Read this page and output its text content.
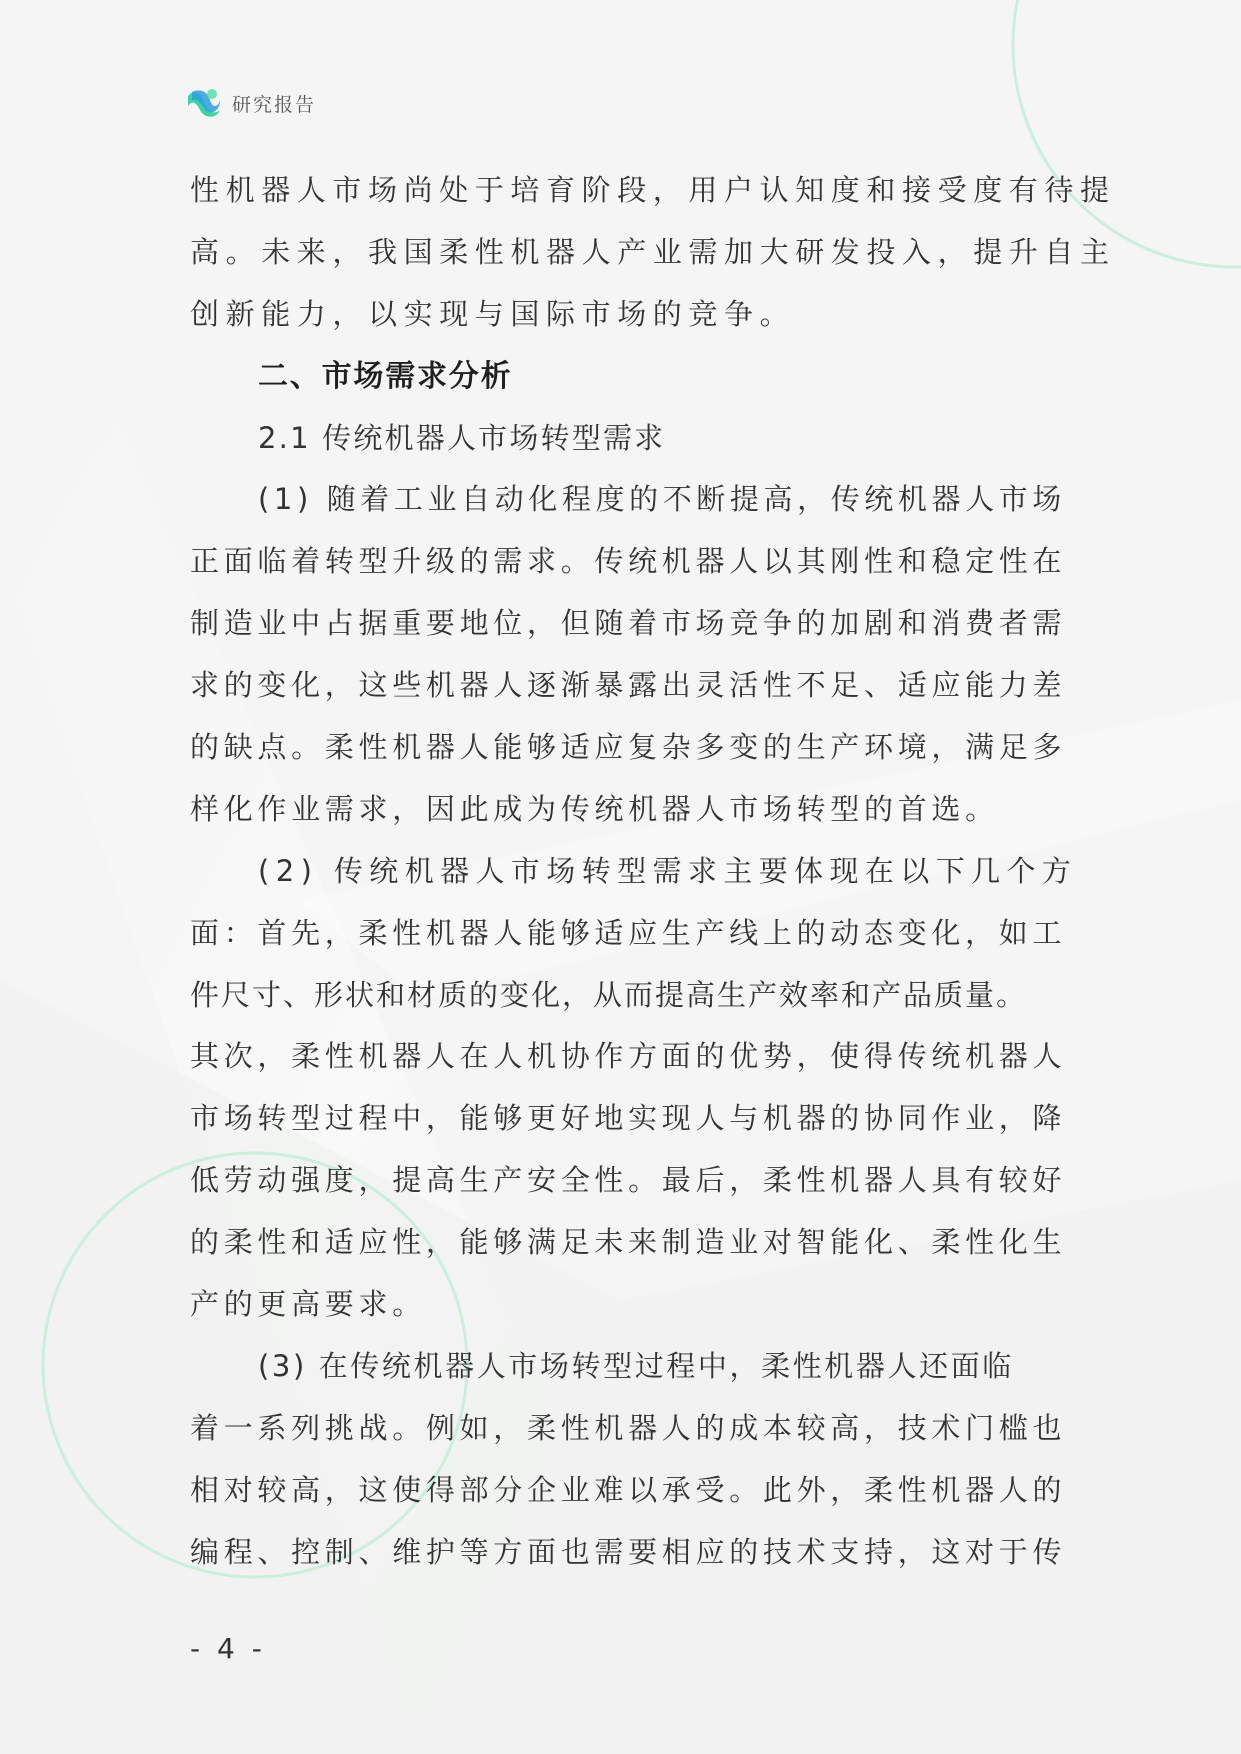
研究报告
性机器人市场尚处于培育阶段，用户认知度和接受度有待提
高。未来，我国柔性机器人产业需加大研发投入，提升自主
创新能力，以实现与国际市场的竞争。
二、市场需求分析
2.1 传统机器人市场转型需求
(1) 随着工业自动化程度的不断提高，传统机器人市场
正面临着转型升级的需求。传统机器人以其刚性和稳定性在
制造业中占据重要地位，但随着市场竞争的加剧和消费者需
求的变化，这些机器人逐渐暴露出灵活性不足、适应能力差
的缺点。柔性机器人能够适应复杂多变的生产环境，满足多
样化作业需求，因此成为传统机器人市场转型的首选。
(2) 传统机器人市场转型需求主要体现在以下几个方
面：首先，柔性机器人能够适应生产线上的动态变化，如工
件尺寸、形状和材质的变化，从而提高生产效率和产品质量。
其次，柔性机器人在人机协作方面的优势，使得传统机器人
市场转型过程中，能够更好地实现人与机器的协同作业，降
低劳动强度，提高生产安全性。最后，柔性机器人具有较好
的柔性和适应性，能够满足未来制造业对智能化、柔性化生
产的更高要求。
(3) 在传统机器人市场转型过程中，柔性机器人还面临
着一系列挑战。例如，柔性机器人的成本较高，技术门槛也
相对较高，这使得部分企业难以承受。此外，柔性机器人的
编程、控制、维护等方面也需要相应的技术支持，这对于传
- 4 -
